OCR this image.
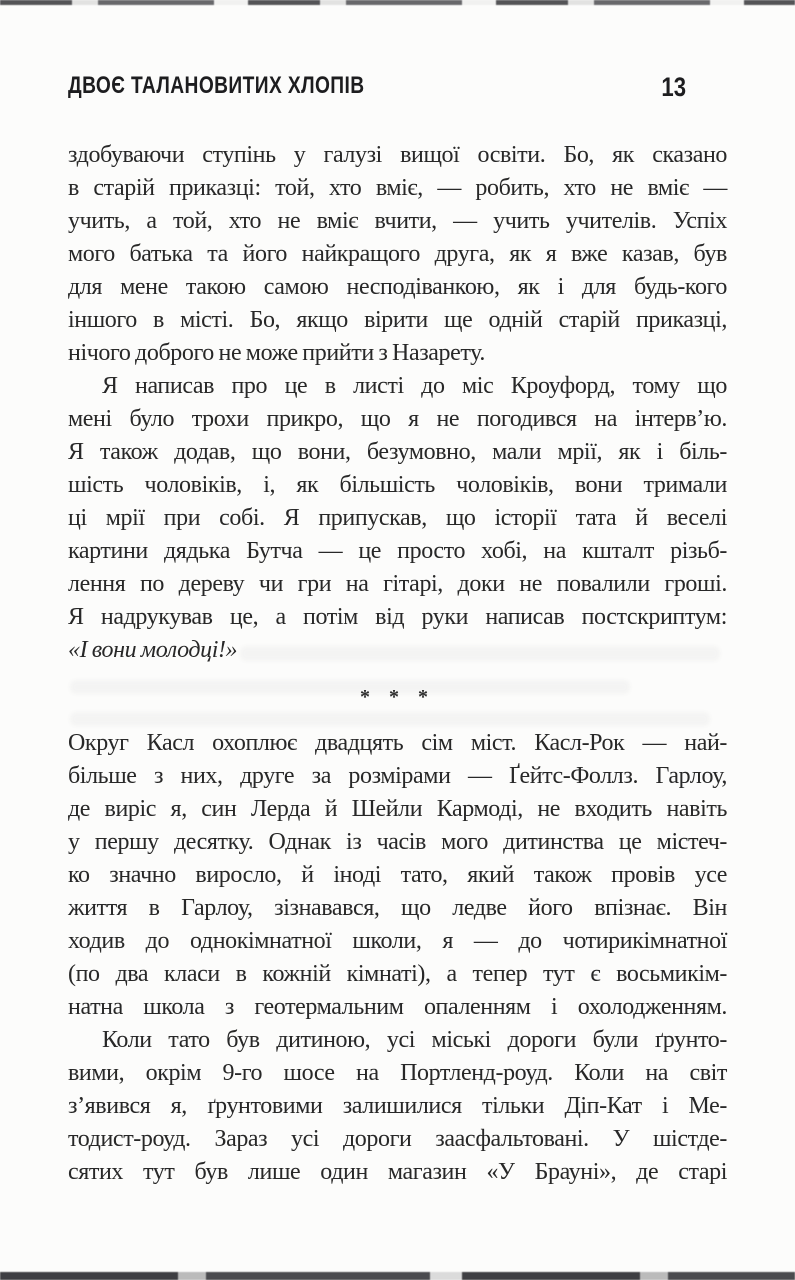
ДВОЄ ТАЛАНОВИТИХ ХЛОПІВ	13
здобуваючи ступінь у галузі вищої освіти. Бо, як сказано
в старій приказці: той, хто вміє, — робить, хто не вміє —
учить, а той, хто не вміє вчити, — учить учителів. Успіх
мого батька та його найкращого друга, як я вже казав, був
для мене такою самою несподіванкою, як і для будь-кого
іншого в місті. Бо, якщо вірити ще одній старій приказці,
нічого доброго не може прийти з Назарету.
Я написав про це в листі до міс Кроуфорд, тому що
мені було трохи прикро, що я не погодився на інтерв’ю.
Я також додав, що вони, безумовно, мали мрії, як і біль-
шість чоловіків, і, як більшість чоловіків, вони тримали
ці мрії при собі. Я припускав, що історії тата й веселі
картини дядька Бутча — це просто хобі, на кшталт різьб-
лення по дереву чи гри на гітарі, доки не повалили гроші.
Я надрукував це, а потім від руки написав постскриптум:
«І вони молодці!»
* * *
Округ Касл охоплює двадцять сім міст. Касл-Рок — най-
більше з них, друге за розмірами — Ґейтс-Фоллз. Гарлоу,
де виріс я, син Лерда й Шейли Кармоді, не входить навіть
у першу десятку. Однак із часів мого дитинства це містеч-
ко значно виросло, й іноді тато, який також провів усе
життя в Гарлоу, зізнавався, що ледве його впізнає. Він
ходив до однокімнатної школи, я — до чотирикімнатної
(по два класи в кожній кімнаті), а тепер тут є восьмикім-
натна школа з геотермальним опаленням і охолодженням.
Коли тато був дитиною, усі міські дороги були ґрунто-
вими, окрім 9-го шосе на Портленд-роуд. Коли на світ
з’явився я, ґрунтовими залишилися тільки Діп-Кат і Ме-
тодист-роуд. Зараз усі дороги заасфальтовані. У шістде-
сятих тут був лише один магазин «У Брауні», де старі
